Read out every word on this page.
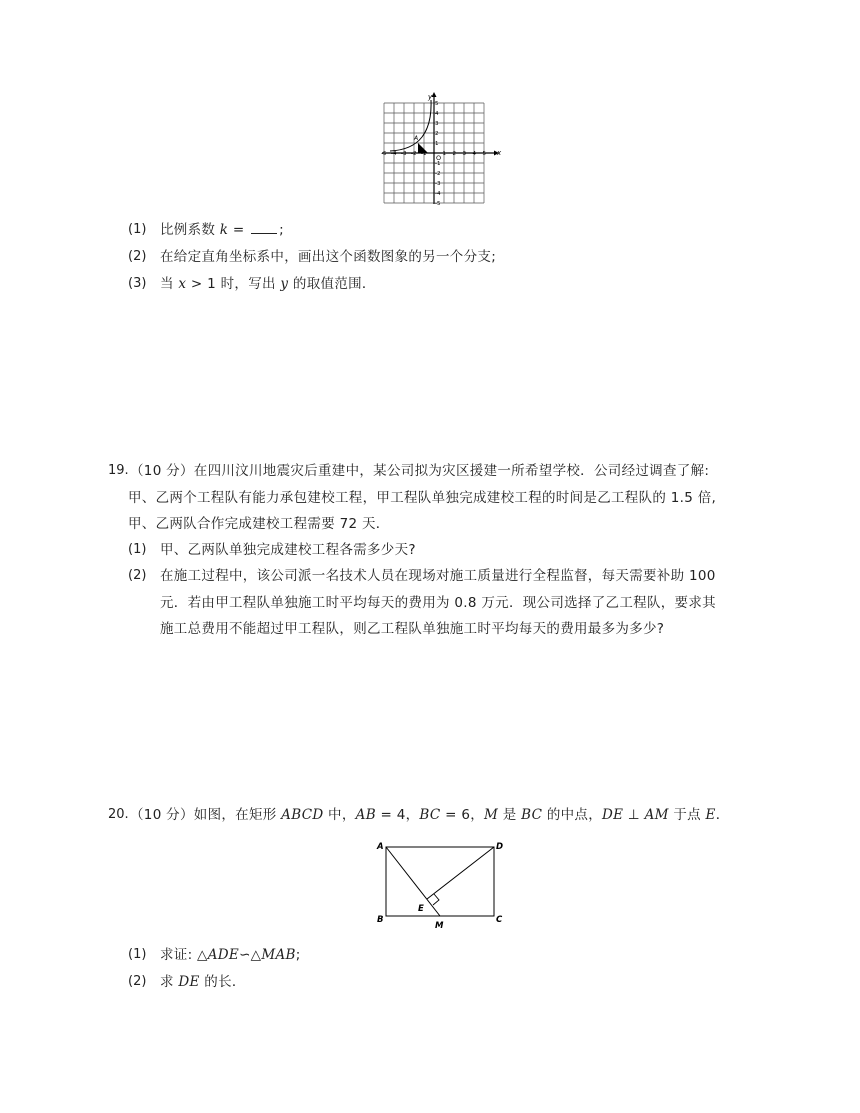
x
y
O
A
-5 -4 -3 -2 -1	1 2 3 4 5
1
2
3
4
5
-1
-2
-3
-4
-5
(1) 比例系数 k = ;
(2) 在给定直角坐标系中，画出这个函数图象的另一个分支;
(3) 当 x > 1 时，写出 y 的取值范围．
19. （10 分）在四川汶川地震灾后重建中，某公司拟为灾区援建一所希望学校．公司经过调查了解:
甲、乙两个工程队有能力承包建校工程，甲工程队单独完成建校工程的时间是乙工程队的 1.5 倍,
甲、乙两队合作完成建校工程需要 72 天．
(1) 甲、乙两队单独完成建校工程各需多少天?
(2) 在施工过程中，该公司派一名技术人员在现场对施工质量进行全程监督，每天需要补助 100
元．若由甲工程队单独施工时平均每天的费用为 0.8 万元．现公司选择了乙工程队，要求其
施工总费用不能超过甲工程队，则乙工程队单独施工时平均每天的费用最多为多少?
20. （10 分）如图，在矩形 ABCD 中，AB = 4，BC = 6，M 是 BC 的中点，DE ⊥ AM 于点 E．
A	D
B	C
E
M
(1) 求证: △ADE∽△MAB;
(2) 求 DE 的长．
